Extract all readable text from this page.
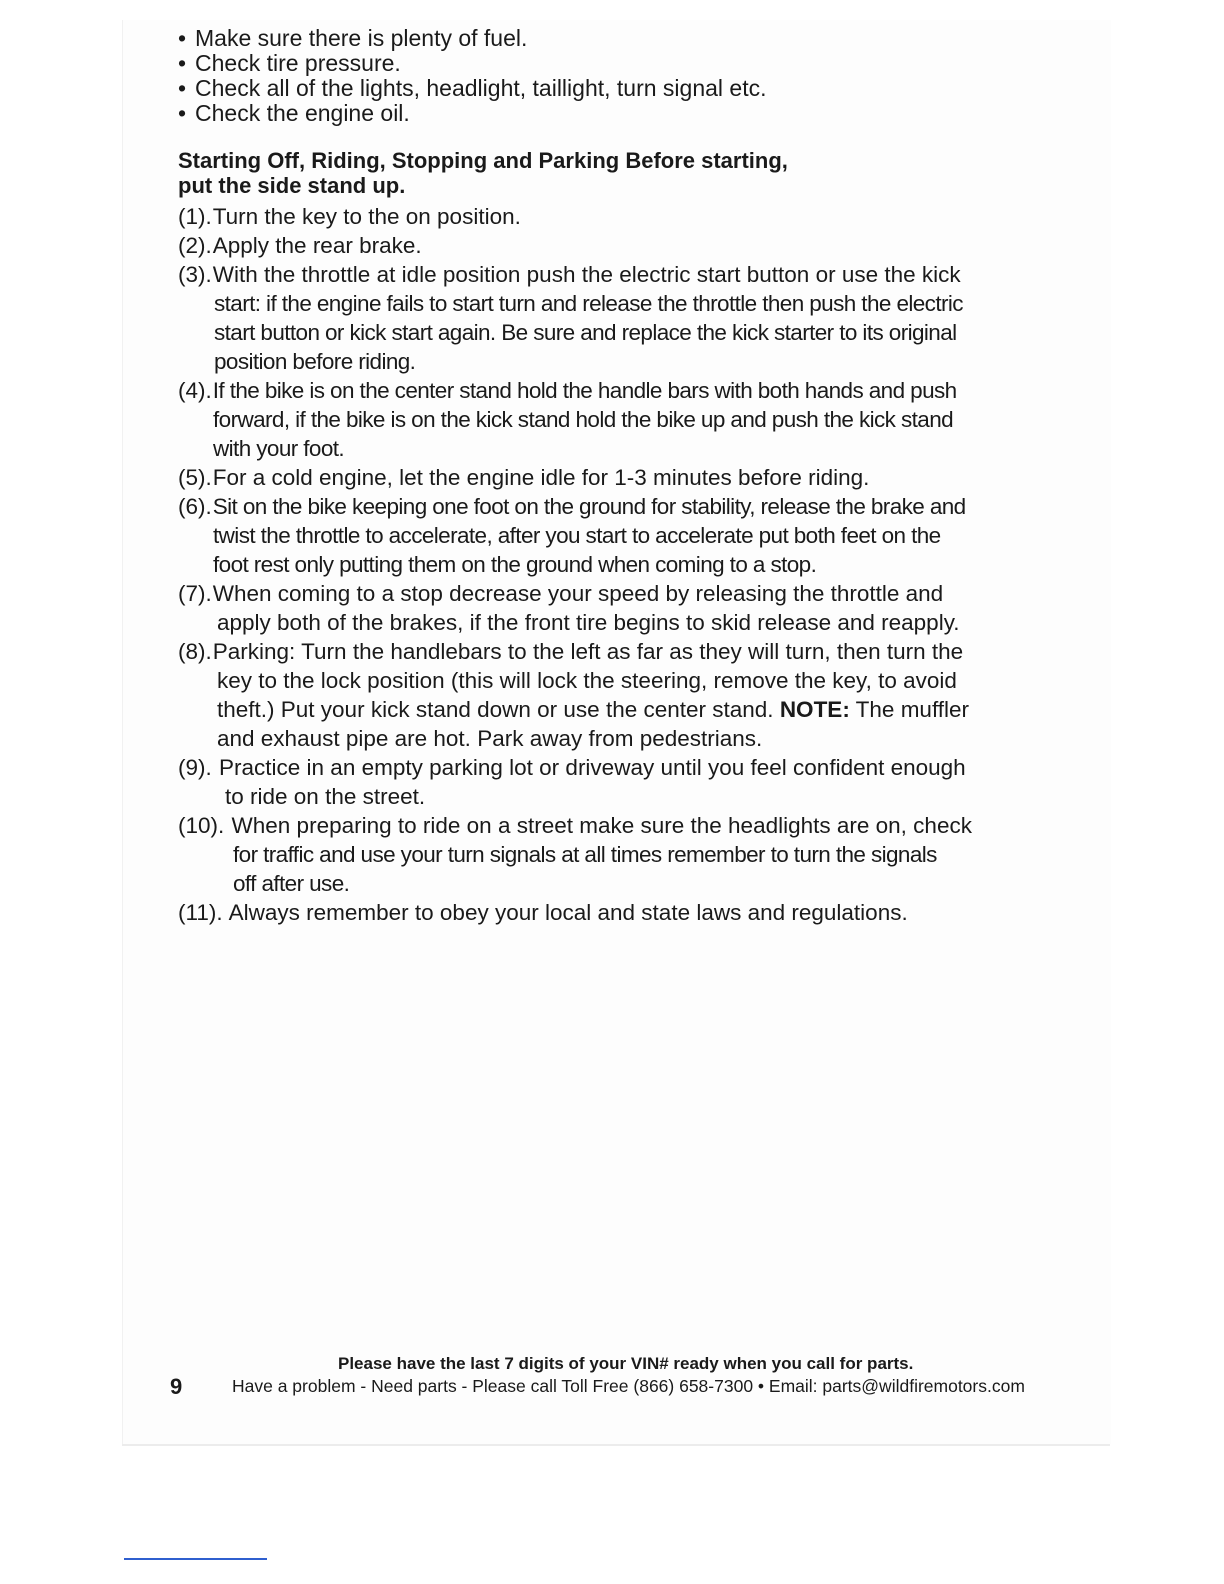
• Make sure there is plenty of fuel.
• Check tire pressure.
• Check all of the lights, headlight, taillight, turn signal etc.
• Check the engine oil.
Starting Off, Riding, Stopping and Parking Before starting,
put the side stand up.
(1).Turn the key to the on position.
(2).Apply the rear brake.
(3).With the throttle at idle position push the electric start button or use the kick
start: if the engine fails to start turn and release the throttle then push the electric
start button or kick start again. Be sure and replace the kick starter to its original
position before riding.
(4).If the bike is on the center stand hold the handle bars with both hands and push
forward, if the bike is on the kick stand hold the bike up and push the kick stand
with your foot.
(5).For a cold engine, let the engine idle for 1-3 minutes before riding.
(6).Sit on the bike keeping one foot on the ground for stability, release the brake and
twist the throttle to accelerate, after you start to accelerate put both feet on the
foot rest only putting them on the ground when coming to a stop.
(7).When coming to a stop decrease your speed by releasing the throttle and
apply both of the brakes, if the front tire begins to skid release and reapply.
(8).Parking: Turn the handlebars to the left as far as they will turn, then turn the
key to the lock position (this will lock the steering, remove the key, to avoid
theft.) Put your kick stand down or use the center stand. NOTE: The muffler
and exhaust pipe are hot. Park away from pedestrians.
(9). Practice in an empty parking lot or driveway until you feel confident enough
to ride on the street.
(10). When preparing to ride on a street make sure the headlights are on, check
for traffic and use your turn signals at all times remember to turn the signals
off after use.
(11). Always remember to obey your local and state laws and regulations.
Please have the last 7 digits of your VIN# ready when you call for parts.
9	Have a problem - Need parts - Please call Toll Free (866) 658-7300 • Email: parts@wildfiremotors.com
